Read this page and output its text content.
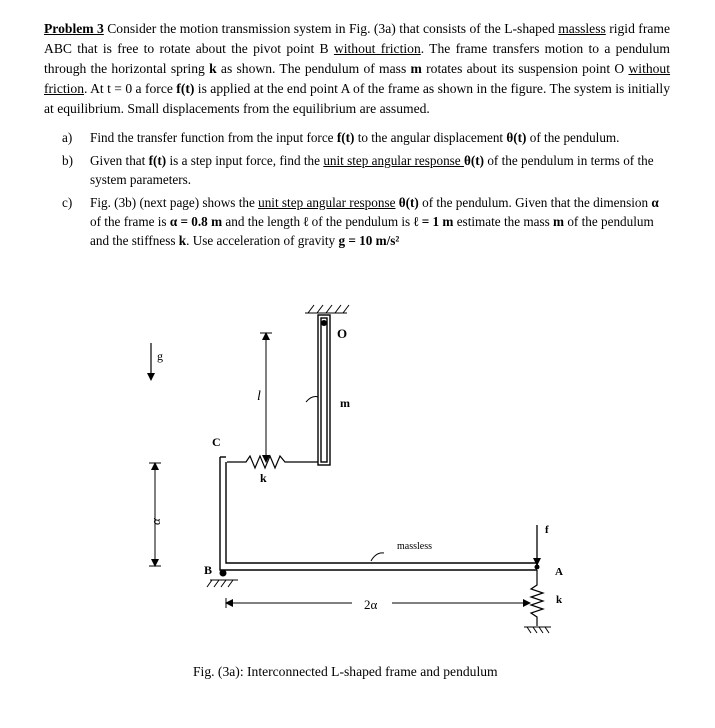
Problem 3 Consider the motion transmission system in Fig. (3a) that consists of the L-shaped massless rigid frame ABC that is free to rotate about the pivot point B without friction. The frame transfers motion to a pendulum through the horizontal spring k as shown. The pendulum of mass m rotates about its suspension point O without friction. At t = 0 a force f(t) is applied at the end point A of the frame as shown in the figure. The system is initially at equilibrium. Small displacements from the equilibrium are assumed.

a) Find the transfer function from the input force f(t) to the angular displacement θ(t) of the pendulum.
b) Given that f(t) is a step input force, find the unit step angular response θ(t) of the pendulum in terms of the system parameters.
c) Fig. (3b) (next page) shows the unit step angular response θ(t) of the pendulum. Given that the dimension α of the frame is α = 0.8 m and the length ℓ of the pendulum is ℓ = 1 m estimate the mass m of the pendulum and the stiffness k. Use acceleration of gravity g = 10 m/s²
g
O
l	m
k
C
α
massless
B
f
A
2α	k
Fig. (3a): Interconnected L-shaped frame and pendulum
